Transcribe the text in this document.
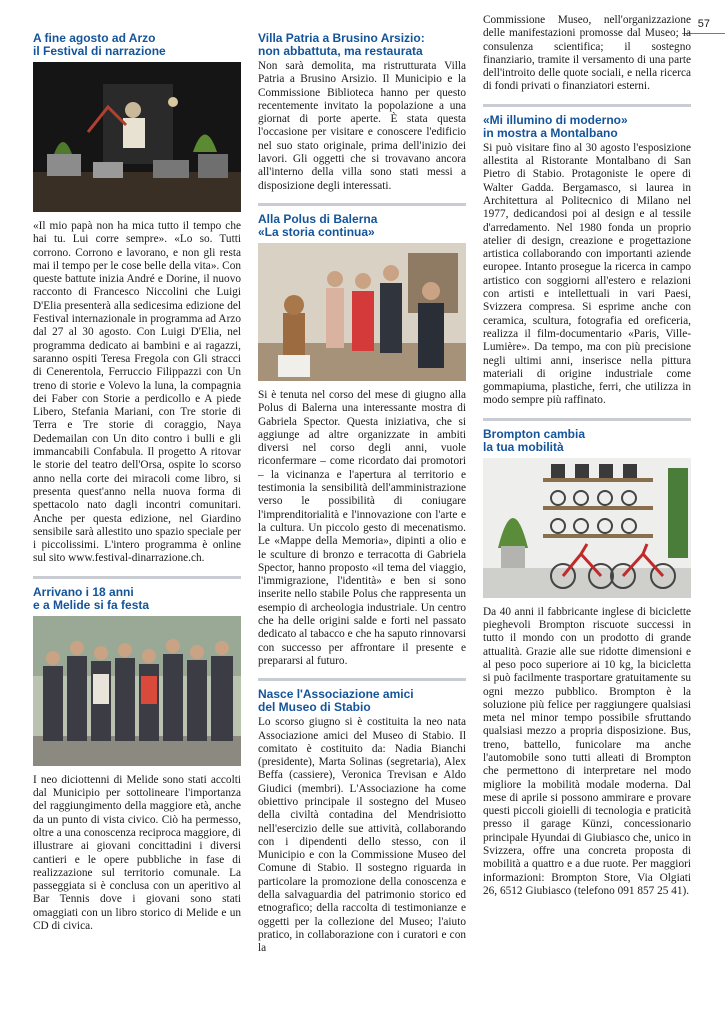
57
A fine agosto ad Arzo
il Festival di narrazione

«Il mio papà non ha mica tutto il tempo che hai tu. Lui corre sempre». «Lo so. Tutti corrono. Corrono e lavorano, e non gli resta mai il tempo per le cose belle della vita». Con queste battute inizia André e Dorine, il nuovo racconto di Francesco Niccolini che Luigi D'Elia presenterà alla sedicesima edizione del Festival internazionale in programma ad Arzo dal 27 al 30 agosto. Con Luigi D'Elia, nel programma dedicato ai bambini e ai ragazzi, saranno ospiti Teresa Fregola con Gli stracci di Cenerentola, Ferruccio Filippazzi con Un treno di storie e Volevo la luna, la compagnia dei Faber con Storie a perdicollo e A piede Libero, Stefania Mariani, con Tre storie di Terra e Tre storie di coraggio, Naya Dedemailan con Un dito contro i bulli e gli immancabili Confabula. Il progetto A ritovar le storie del teatro dell'Orsa, ospite lo scorso anno nella corte dei miracoli come libro, si presenta quest'anno nella nuova forma di spettacolo nato dagli incontri comunitari. Anche per questa edizione, nel Giardino sensibile sarà allestito uno spazio speciale per i piccolissimi. L'intero programma è online sul sito www.festival-dinarrazione.ch.

Arrivano i 18 anni
e a Melide si fa festa

I neo diciottenni di Melide sono stati accolti dal Municipio per sottolineare l'importanza del raggiungimento della maggiore età, anche da un punto di vista civico. Ciò ha permesso, oltre a una conoscenza reciproca maggiore, di illustrare ai giovani concittadini i diversi cantieri e le opere pubbliche in fase di realizzazione sul territorio comunale. La passeggiata si è conclusa con un aperitivo al Bar Tennis dove i giovani sono stati omaggiati con un libro storico di Melide e un CD di civica.

Villa Patria a Brusino Arsizio:
non abbattuta, ma restaurata

Non sarà demolita, ma ristrutturata Villa Patria a Brusino Arsizio. Il Municipio e la Commissione Biblioteca hanno per questo recentemente invitato la popolazione a una giornat di porte aperte. È stata questa l'occasione per visitare e conoscere l'edificio nel suo stato originale, prima dell'inizio dei lavori. Gli oggetti che si trovavano ancora all'interno della villa sono stati messi a disposizione degli interessati.

Alla Polus di Balerna
«La storia continua»

Si è tenuta nel corso del mese di giugno alla Polus di Balerna una interessante mostra di Gabriela Spector. Questa iniziativa, che si aggiunge ad altre organizzate in ambiti diversi nel corso degli anni, vuole riconfermare – come ricordato dai promotori – la vicinanza e l'apertura al territorio e testimonia la sensibilità dell'amministrazione verso le possibilità di coniugare l'imprenditorialità e l'innovazione con l'arte e la cultura. Un piccolo gesto di mecenatismo. Le «Mappe della Memoria», dipinti a olio e le sculture di bronzo e terracotta di Gabriela Spector, hanno proposto «il tema del viaggio, l'immigrazione, l'identità» e ben si sono inserite nello stabile Polus che rappresenta un esempio di archeologia industriale. Un centro che ha delle origini salde e forti nel passato dedicato al tabacco e che ha saputo rinnovarsi con successo per affrontare il presente e prepararsi al futuro.

Nasce l'Associazione amici
del Museo di Stabio

Lo scorso giugno si è costituita la neo nata Associazione amici del Museo di Stabio. Il comitato è costituito da: Nadia Bianchi (presidente), Marta Solinas (segretaria), Alex Beffa (cassiere), Veronica Trevisan e Aldo Giudici (membri). L'Associazione ha come obiettivo principale il sostegno del Museo della civiltà contadina del Mendrisiotto nell'esercizio delle sue attività, collaborando con i dipendenti dello stesso, con il Municipio e con la Commissione Museo del Comune di Stabio. Il sostegno riguarda in particolare la promozione della conoscenza e della salvaguardia del patrimonio storico ed etnografico; della raccolta di testimonianze e oggetti per la collezione del Museo; l'aiuto pratico, in collaborazione con i curatori e con la

Commissione Museo, nell'organizzazione delle manifestazioni promosse dal Museo; la consulenza scientifica; il sostegno finanziario, tramite il versamento di una parte dell'introito delle quote sociali, e nella ricerca di fondi privati o finanziatori esterni.

«Mi illumino di moderno»
in mostra a Montalbano

Si può visitare fino al 30 agosto l'esposizione allestita al Ristorante Montalbano di San Pietro di Stabio. Protagoniste le opere di Walter Gadda. Bergamasco, si laurea in Architettura al Politecnico di Milano nel 1977, dedicandosi poi al design e al tessile d'arredamento. Nel 1980 fonda un proprio atelier di design, creazione e progettazione artistica collaborando con importanti aziende europee. Intanto prosegue la ricerca in campo artistico con soggiorni all'estero e relazioni con artisti e intellettuali in vari Paesi, Svizzera compresa. Si esprime anche con ceramica, scultura, fotografia ed oreficeria, realizza il film-documentario «Paris, Ville-Lumière». Da tempo, ma con più precisione negli ultimi anni, inserisce nella pittura materiali di origine industriale come gommapiuma, plastiche, ferri, che utilizza in modo sempre più raffinato.

Brompton cambia
la tua mobilità

Da 40 anni il fabbricante inglese di biciclette pieghevoli Brompton riscuote successi in tutto il mondo con un prodotto di grande attualità. Grazie alle sue ridotte dimensioni e al peso poco superiore ai 10 kg, la bicicletta si può facilmente trasportare gratuitamente su ogni mezzo pubblico. Brompton è la soluzione più felice per raggiungere qualsiasi meta nel minor tempo possibile sfruttando qualsiasi mezzo a propria disposizione. Bus, treno, battello, funicolare ma anche l'automobile sono tutti alleati di Brompton che permettono di interpretare nel modo migliore la mobilità modale moderna. Dal mese di aprile si possono ammirare e provare questi piccoli gioielli di tecnologia e praticità presso il garage Künzi, concessionario principale Hyundai di Giubiasco che, unico in Svizzera, offre una concreta proposta di mobilità a quattro e a due ruote. Per maggiori informazioni: Brompton Store, Via Olgiati 26, 6512 Giubiasco (telefono 091 857 25 41).
